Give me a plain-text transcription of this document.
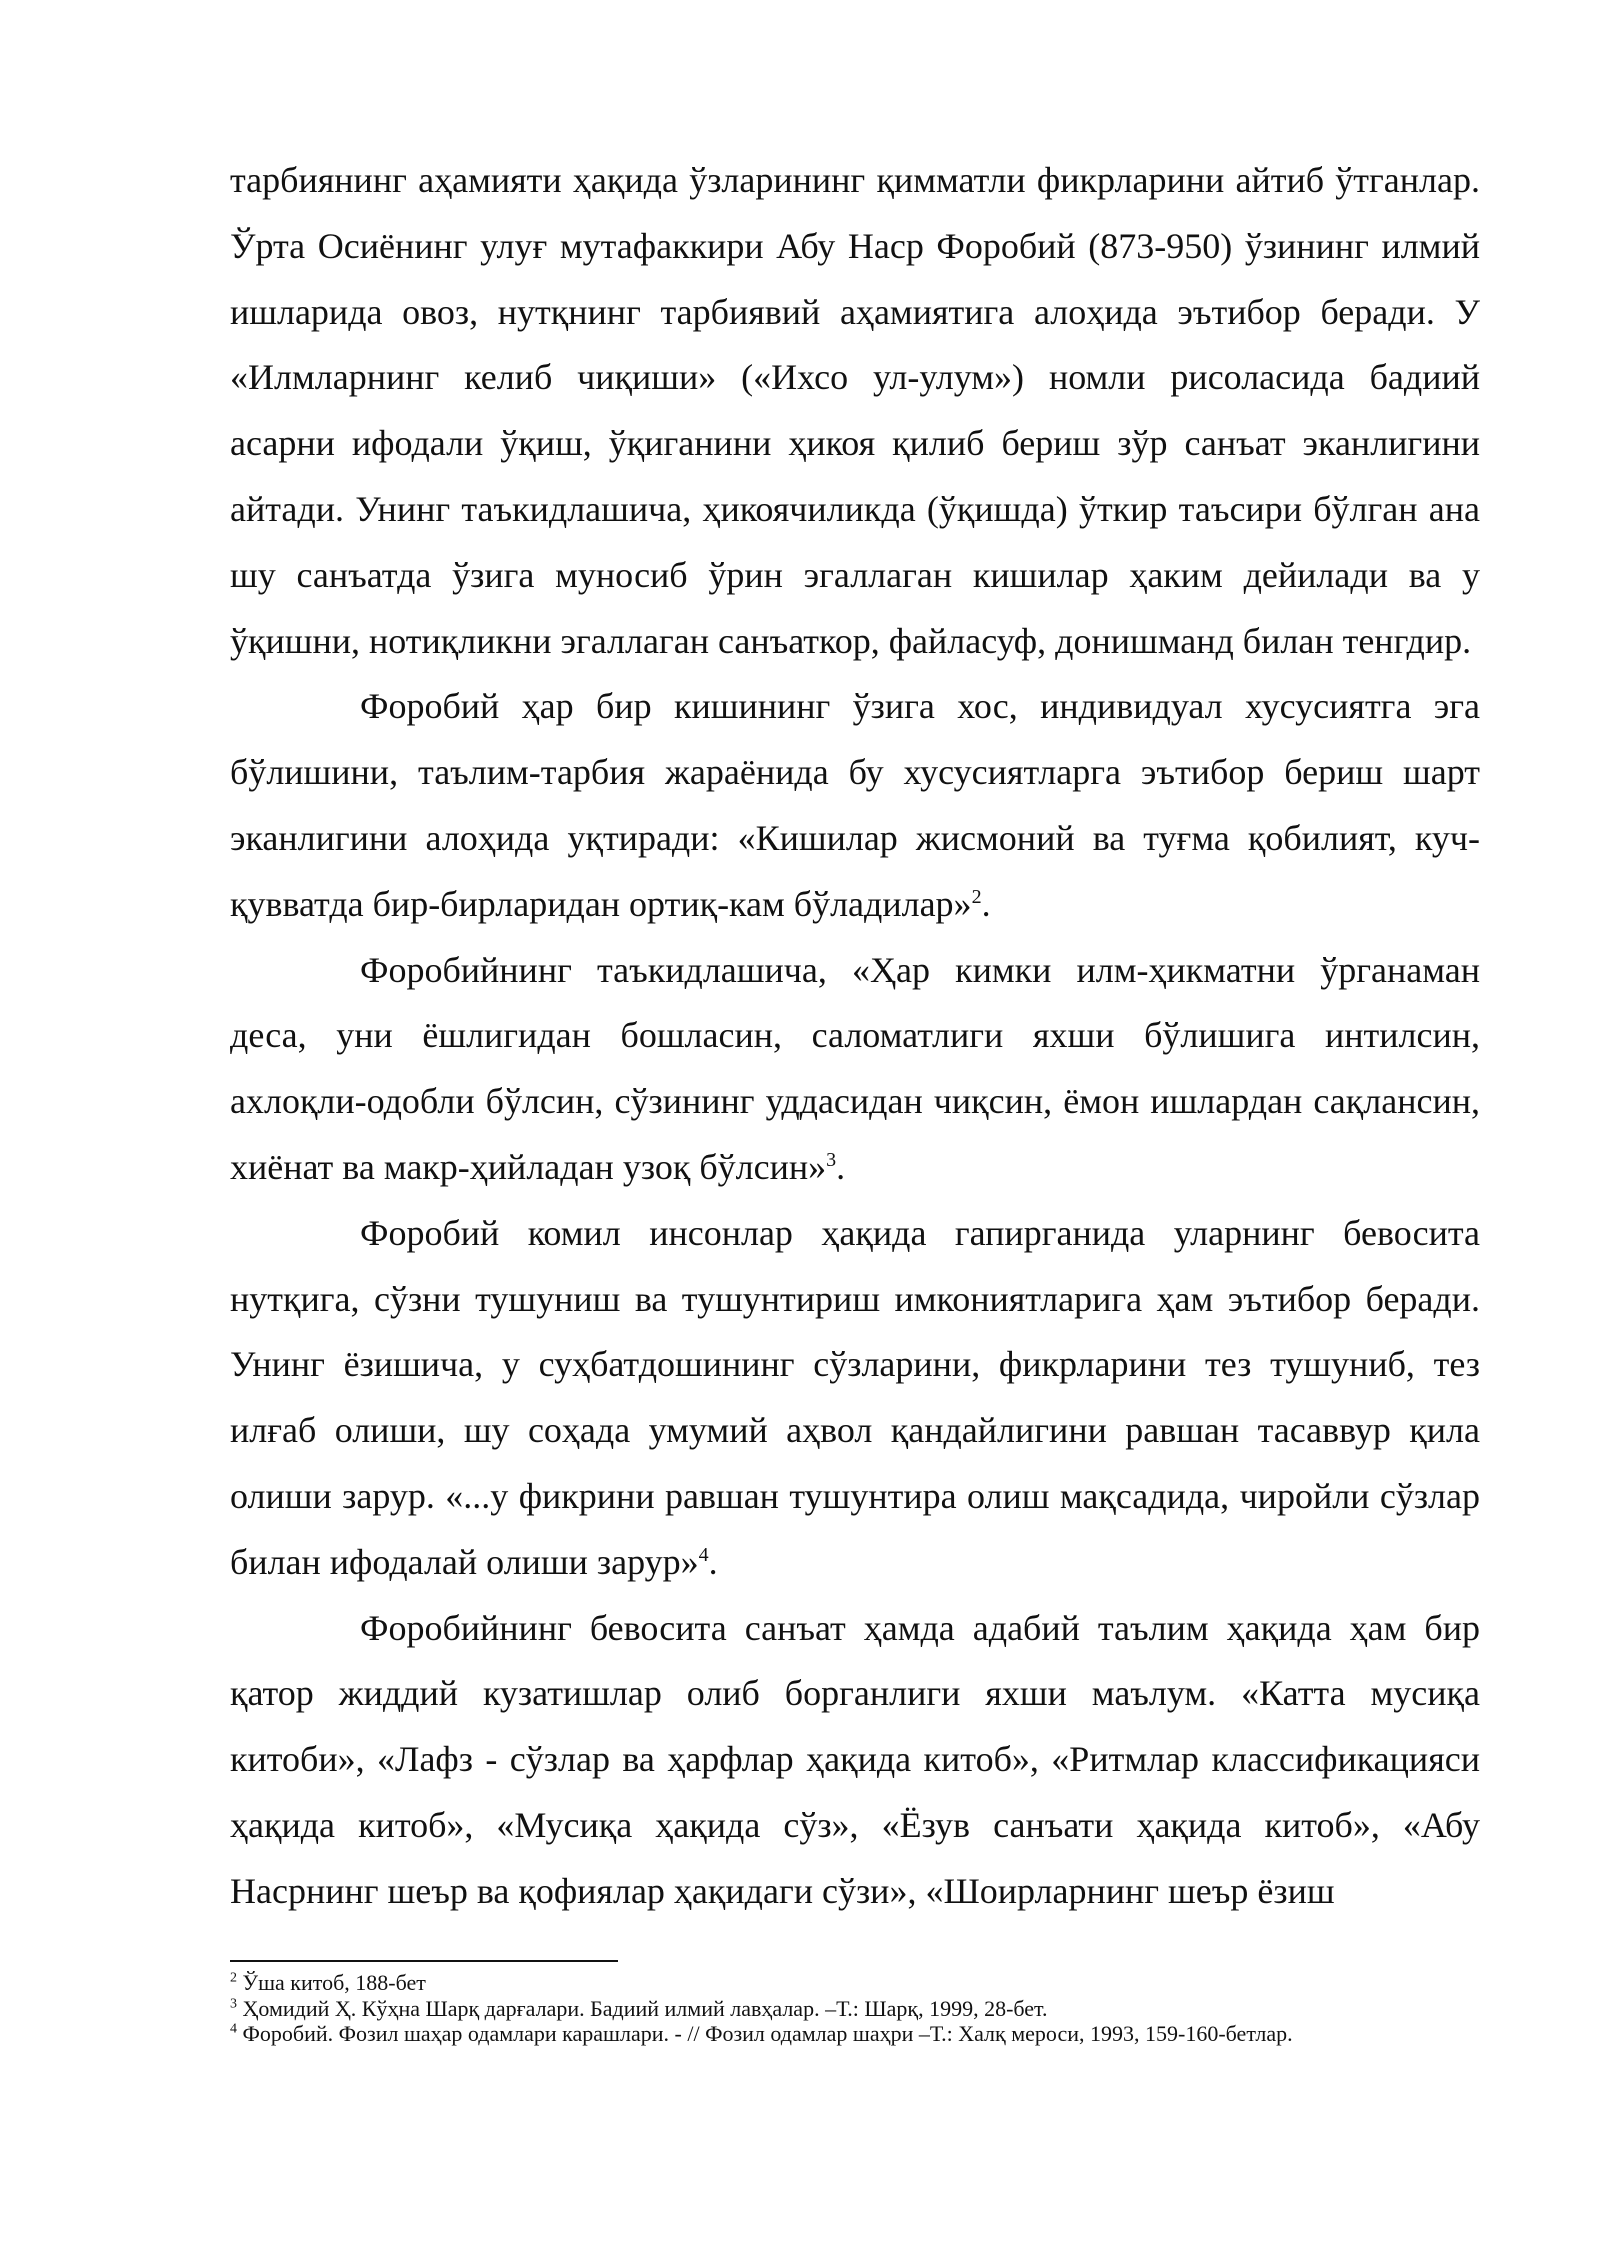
тарбиянинг аҳамияти ҳақида ўзларининг қимматли фикрларини айтиб ўтганлар. Ўрта Осиёнинг улуғ мутафаккири Абу Наср Форобий (873-950) ўзининг илмий ишларида овоз, нутқнинг тарбиявий аҳамиятига алоҳида эътибор беради. У «Илмларнинг келиб чиқиши» («Ихсо ул-улум») номли рисоласида бадиий асарни ифодали ўқиш, ўқиганини ҳикоя қилиб бериш зўр санъат эканлигини айтади. Унинг таъкидлашича, ҳикоячиликда (ўқишда) ўткир таъсири бўлган ана шу санъатда ўзига муносиб ўрин эгаллаган кишилар ҳаким дейилади ва у ўқишни, нотиқликни эгаллаган санъаткор, файласуф, донишманд билан тенгдир.

Форобий ҳар бир кишининг ўзига хос, индивидуал хусусиятга эга бўлишини, таълим-тарбия жараёнида бу хусусиятларга эътибор бериш шарт эканлигини алоҳида уқтиради: «Кишилар жисмоний ва туғма қобилият, куч-қувватда бир-бирларидан ортиқ-кам бўладилар»$^2$.

Форобийнинг таъкидлашича, «Ҳар кимки илм-ҳикматни ўрганаман деса, уни ёшлигидан бошласин, саломатлиги яхши бўлишига интилсин, ахлоқли-одобли бўлсин, сўзининг уддасидан чиқсин, ёмон ишлардан сақлансин, хиёнат ва макр-ҳийладан узоқ бўлсин»$^3$.

Форобий комил инсонлар ҳақида гапирганида уларнинг бевосита нутқига, сўзни тушуниш ва тушунтириш имкониятларига ҳам эътибор беради. Унинг ёзишича, у суҳбатдошининг сўзларини, фикрларини тез тушуниб, тез илғаб олиши, шу соҳада умумий аҳвол қандайлигини равшан тасаввур қила олиши зарур. «...у фикрини равшан тушунтира олиш мақсадида, чиройли сўзлар билан ифодалай олиши зарур»$^4$.

Форобийнинг бевосита санъат ҳамда адабий таълим ҳақида ҳам бир қатор жиддий кузатишлар олиб борганлиги яхши маълум. «Катта мусиқа китоби», «Лафз - сўзлар ва ҳарфлар ҳақида китоб», «Ритмлар классификацияси ҳақида китоб», «Мусиқа ҳақида сўз», «Ёзув санъати ҳақида китоб», «Абу Насрнинг шеър ва қофиялар ҳақидаги сўзи», «Шоирларнинг шеър ёзиш

$^2$ Ўша китоб, 188-бет

$^3$ Ҳомидий Ҳ. Кўҳна Шарқ дарғалари. Бадиий илмий лавҳалар. –Т.: Шарқ, 1999, 28-бет.

$^4$ Форобий. Фозил шаҳар одамлари карашлари. - // Фозил одамлар шаҳри –Т.: Халқ мероси, 1993, 159-160-бетлар.
